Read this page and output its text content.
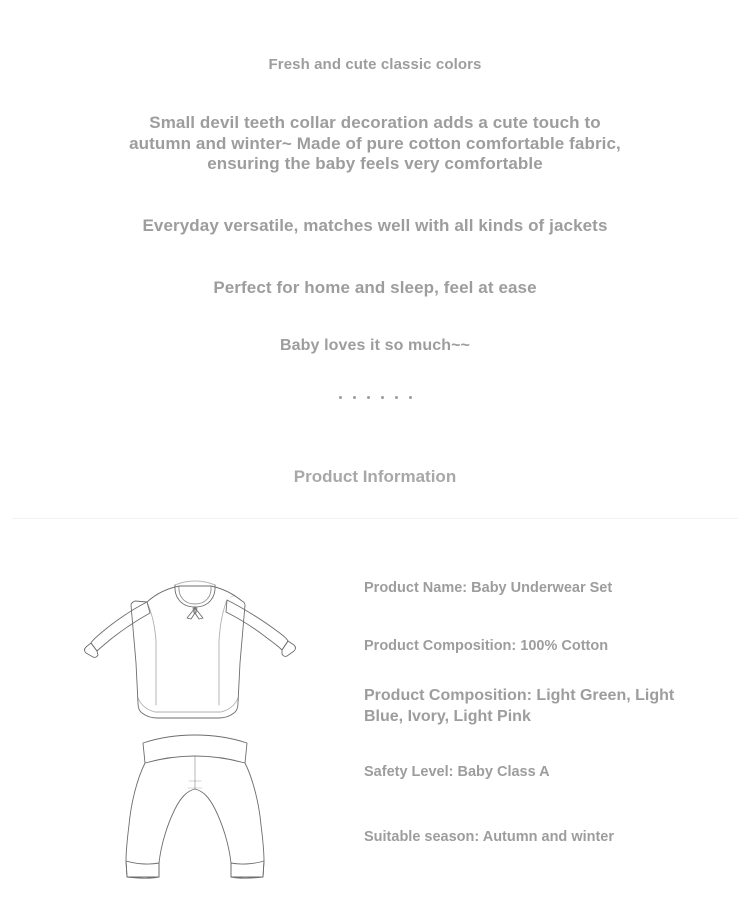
Fresh and cute classic colors
Small devil teeth collar decoration adds a cute touch to autumn and winter~ Made of pure cotton comfortable fabric, ensuring the baby feels very comfortable
Everyday versatile, matches well with all kinds of jackets
Perfect for home and sleep, feel at ease
Baby loves it so much~~
Product Information
Product Name: Baby Underwear Set
Product Composition: 100% Cotton
Product Composition: Light Green, Light Blue, Ivory, Light Pink
Safety Level: Baby Class A
Suitable season: Autumn and winter
